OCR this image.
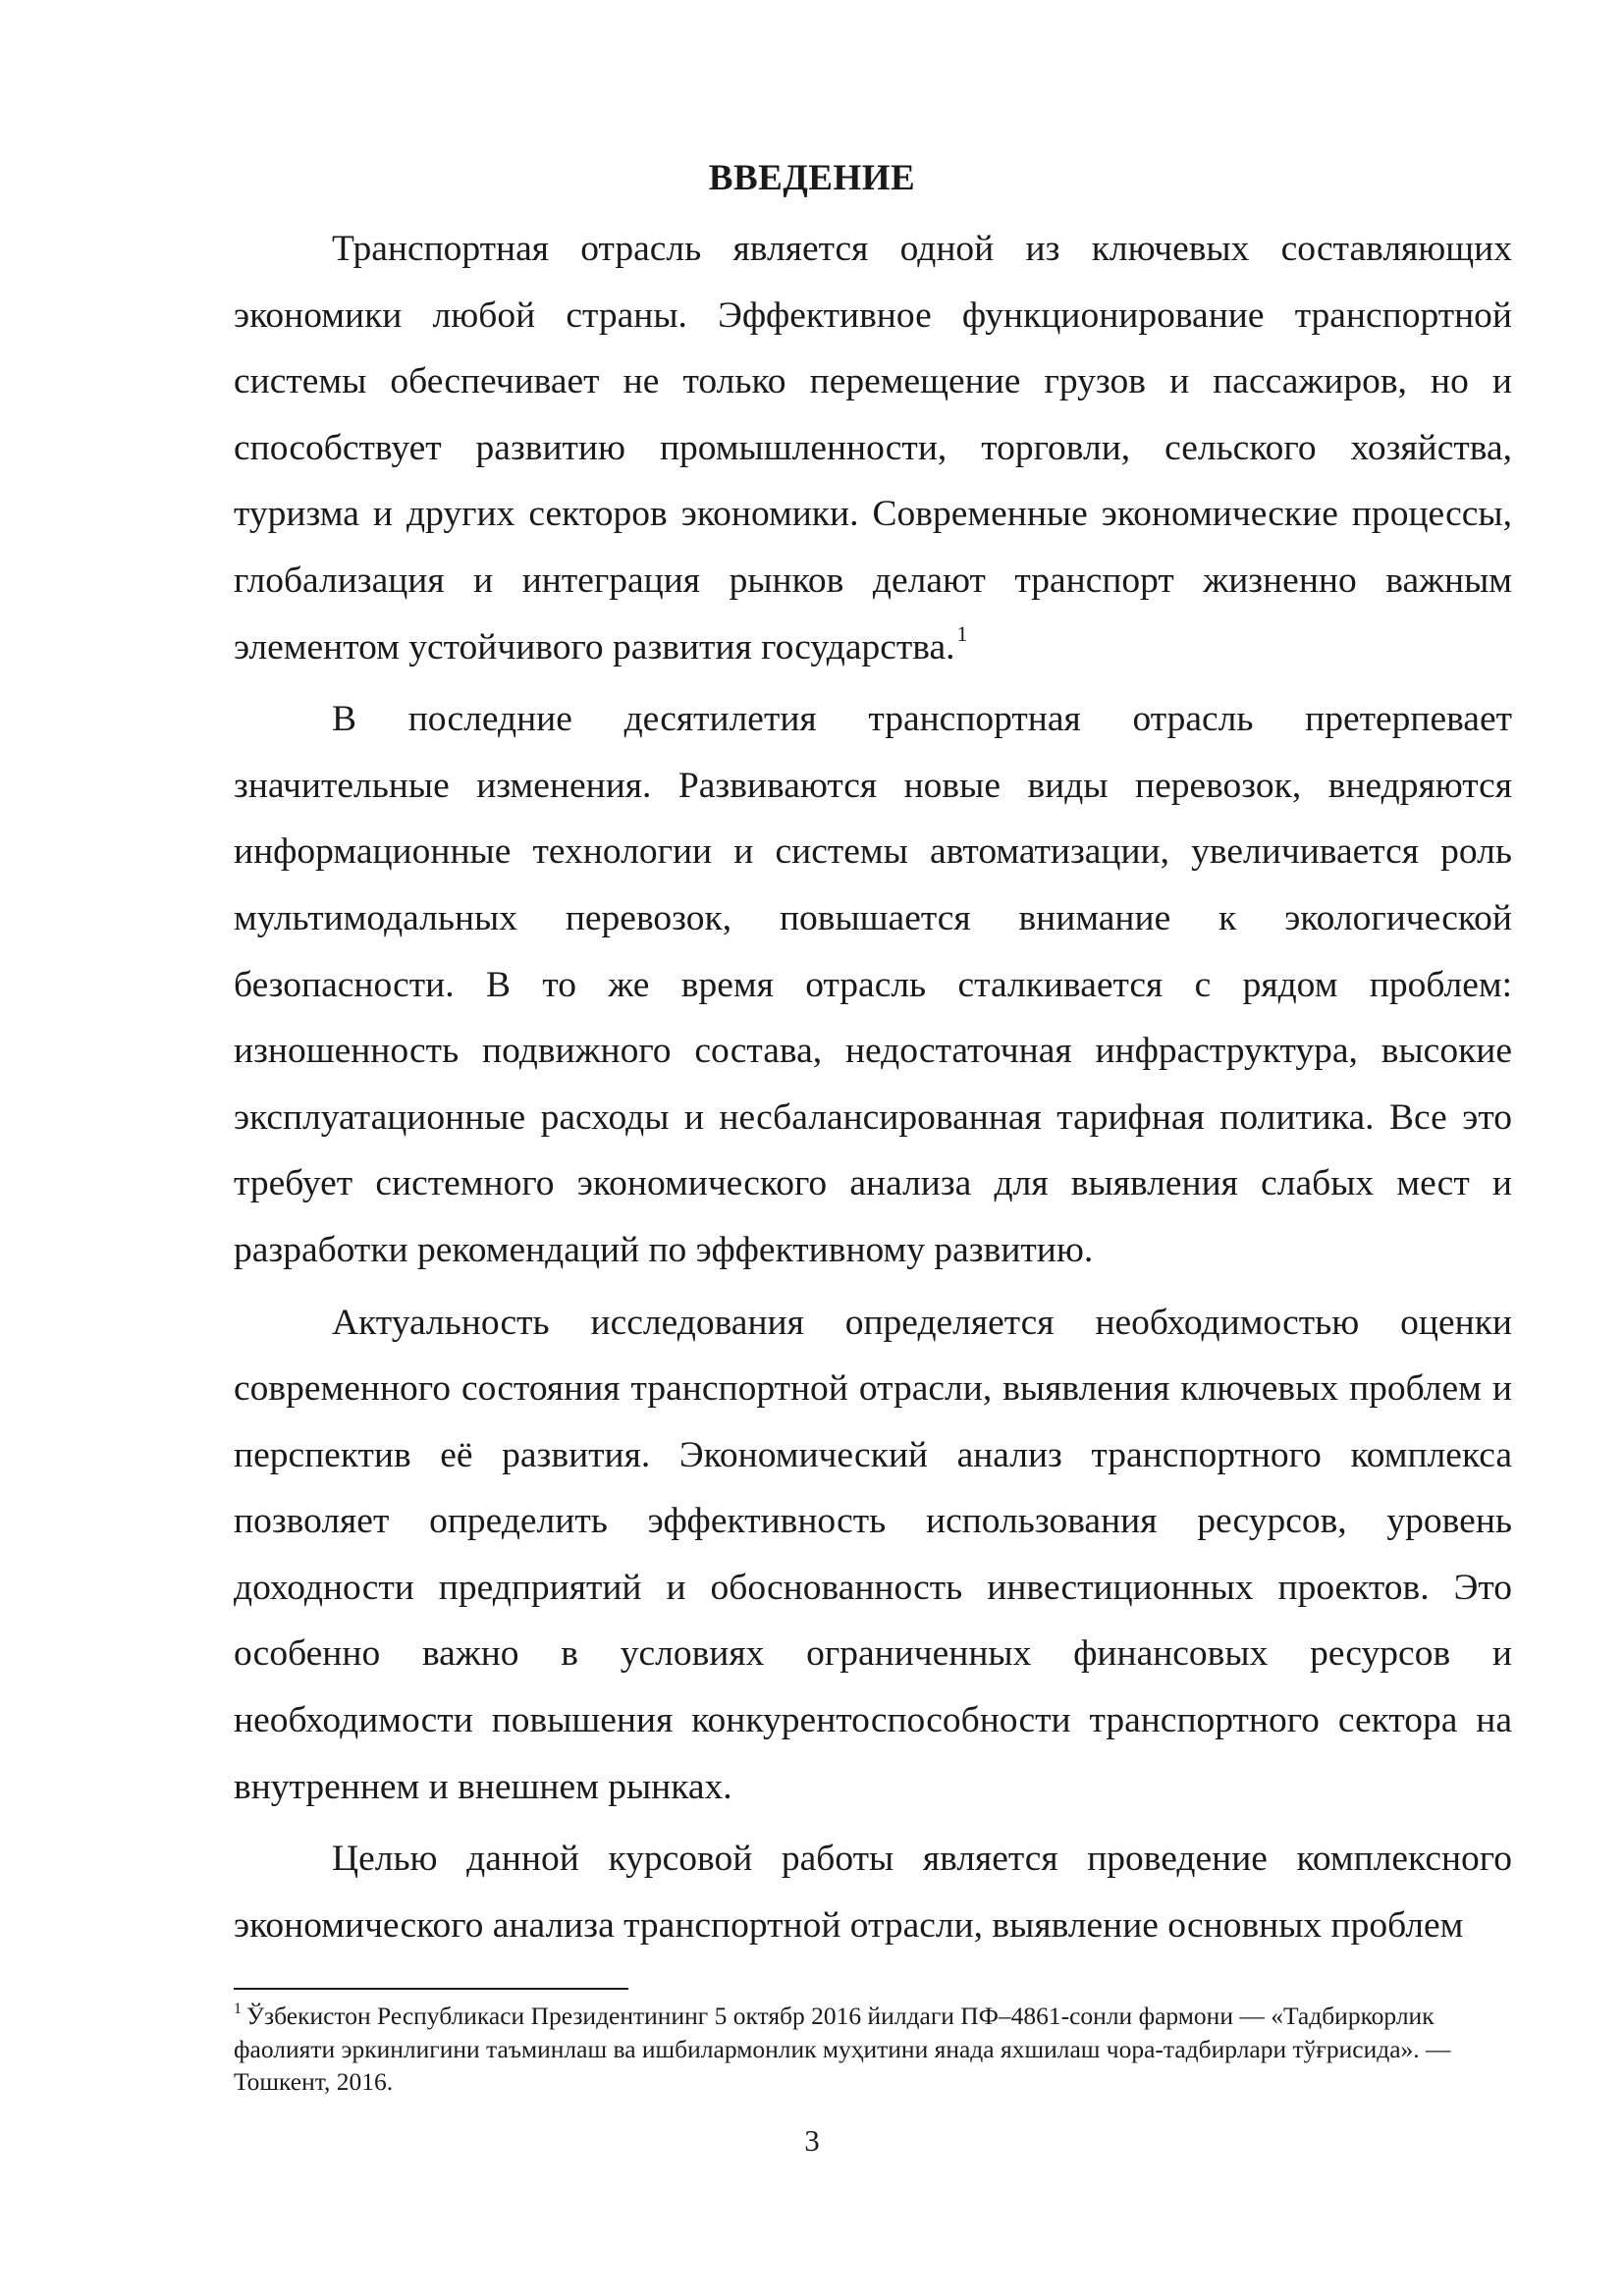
ВВЕДЕНИЕ

Транспортная отрасль является одной из ключевых составляющих экономики любой страны. Эффективное функционирование транспортной системы обеспечивает не только перемещение грузов и пассажиров, но и способствует развитию промышленности, торговли, сельского хозяйства, туризма и других секторов экономики. Современные экономические процессы, глобализация и интеграция рынков делают транспорт жизненно важным элементом устойчивого развития государства.$^1$

В последние десятилетия транспортная отрасль претерпевает значительные изменения. Развиваются новые виды перевозок, внедряются информационные технологии и системы автоматизации, увеличивается роль мультимодальных перевозок, повышается внимание к экологической безопасности. В то же время отрасль сталкивается с рядом проблем: изношенность подвижного состава, недостаточная инфраструктура, высокие эксплуатационные расходы и несбалансированная тарифная политика. Все это требует системного экономического анализа для выявления слабых мест и разработки рекомендаций по эффективному развитию.

Актуальность исследования определяется необходимостью оценки современного состояния транспортной отрасли, выявления ключевых проблем и перспектив её развития. Экономический анализ транспортного комплекса позволяет определить эффективность использования ресурсов, уровень доходности предприятий и обоснованность инвестиционных проектов. Это особенно важно в условиях ограниченных финансовых ресурсов и необходимости повышения конкурентоспособности транспортного сектора на внутреннем и внешнем рынках.

Целью данной курсовой работы является проведение комплексного экономического анализа транспортной отрасли, выявление основных проблем

$^1$ Ўзбекистон Республикаси Президентининг 5 октябр 2016 йилдаги ПФ–4861-сонли фармони — «Тадбиркорлик фаолияти эркинлигини таъминлаш ва ишбилармонлик муҳитини янада яхшилаш чора-тадбирлари тўғрисида». — Тошкент, 2016.
3
